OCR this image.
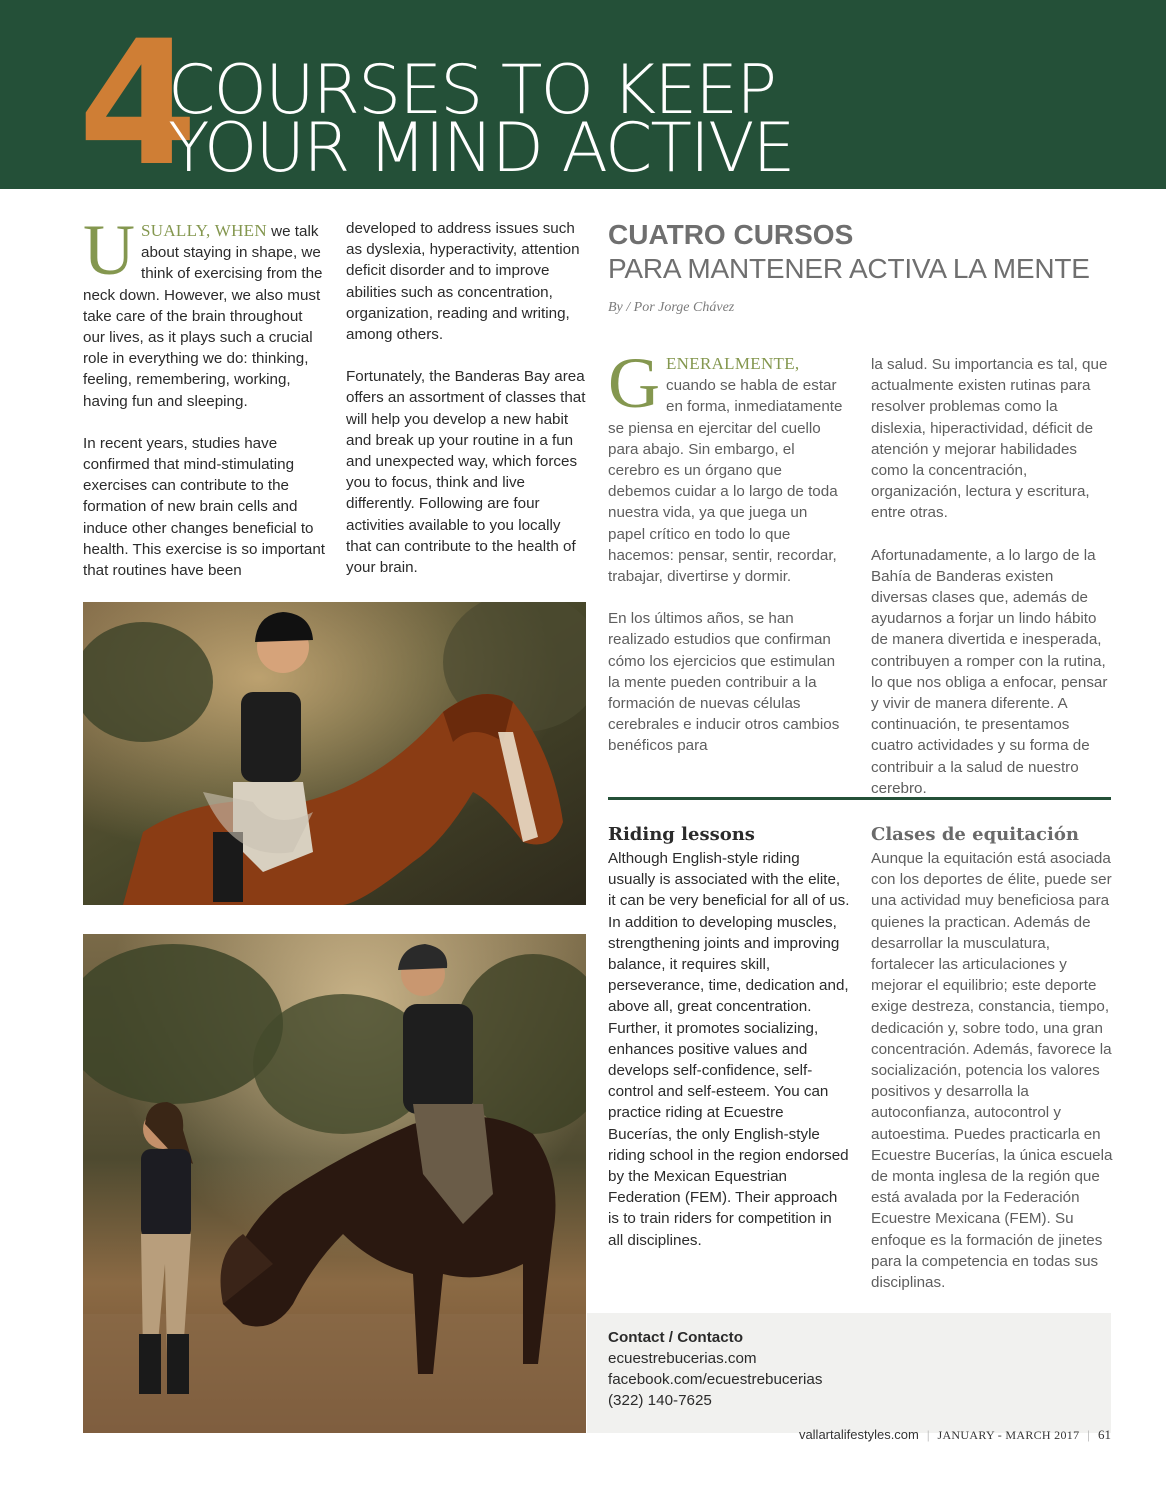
4
COURSES TO KEEP
YOUR MIND ACTIVE

USUALLY, WHEN we talk about staying in shape, we think of exercising from the neck down. However, we also must take care of the brain throughout our lives, as it plays such a crucial role in everything we do: thinking, feeling, remembering, working, having fun and sleeping.

In recent years, studies have confirmed that mind-stimulating exercises can contribute to the formation of new brain cells and induce other changes beneficial to health. This exercise is so important that routines have been

developed to address issues such as dyslexia, hyperactivity, attention deficit disorder and to improve abilities such as concentration, organization, reading and writing, among others.

Fortunately, the Banderas Bay area offers an assortment of classes that will help you develop a new habit and break up your routine in a fun and unexpected way, which forces you to focus, think and live differently. Following are four activities available to you locally that can contribute to the health of your brain.

CUATRO CURSOS
PARA MANTENER ACTIVA LA MENTE
By / Por Jorge Chávez

GENERALMENTE, cuando se habla de estar en forma, inmediatamente se piensa en ejercitar del cuello para abajo. Sin embargo, el cerebro es un órgano que debemos cuidar a lo largo de toda nuestra vida, ya que juega un papel crítico en todo lo que hacemos: pensar, sentir, recordar, trabajar, divertirse y dormir.

En los últimos años, se han realizado estudios que confirman cómo los ejercicios que estimulan la mente pueden contribuir a la formación de nuevas células cerebrales e inducir otros cambios benéficos para

la salud. Su importancia es tal, que actualmente existen rutinas para resolver problemas como la dislexia, hiperactividad, déficit de atención y mejorar habilidades como la concentración, organización, lectura y escritura, entre otras.

Afortunadamente, a lo largo de la Bahía de Banderas existen diversas clases que, además de ayudarnos a forjar un lindo hábito de manera divertida e inesperada, contribuyen a romper con la rutina, lo que nos obliga a enfocar, pensar y vivir de manera diferente. A continuación, te presentamos cuatro actividades y su forma de contribuir a la salud de nuestro cerebro.

Riding lessons

Although English-style riding usually is associated with the elite, it can be very beneficial for all of us. In addition to developing muscles, strengthening joints and improving balance, it requires skill, perseverance, time, dedication and, above all, great concentration. Further, it promotes socializing, enhances positive values and develops self-confidence, self-control and self-esteem. You can practice riding at Ecuestre Bucerías, the only English-style riding school in the region endorsed by the Mexican Equestrian Federation (FEM). Their approach is to train riders for competition in all disciplines.

Clases de equitación

Aunque la equitación está asociada con los deportes de élite, puede ser una actividad muy beneficiosa para quienes la practican. Además de desarrollar la musculatura, fortalecer las articulaciones y mejorar el equilibrio; este deporte exige destreza, constancia, tiempo, dedicación y, sobre todo, una gran concentración. Además, favorece la socialización, potencia los valores positivos y desarrolla la autoconfianza, autocontrol y autoestima. Puedes practicarla en Ecuestre Bucerías, la única escuela de monta inglesa de la región que está avalada por la Federación Ecuestre Mexicana (FEM). Su enfoque es la formación de jinetes para la competencia en todas sus disciplinas.

Contact / Contacto
ecuestrebucerias.com
facebook.com/ecuestrebucerias
(322) 140-7625
vallartalifestyles.com | JANUARY - MARCH 2017 | 61
